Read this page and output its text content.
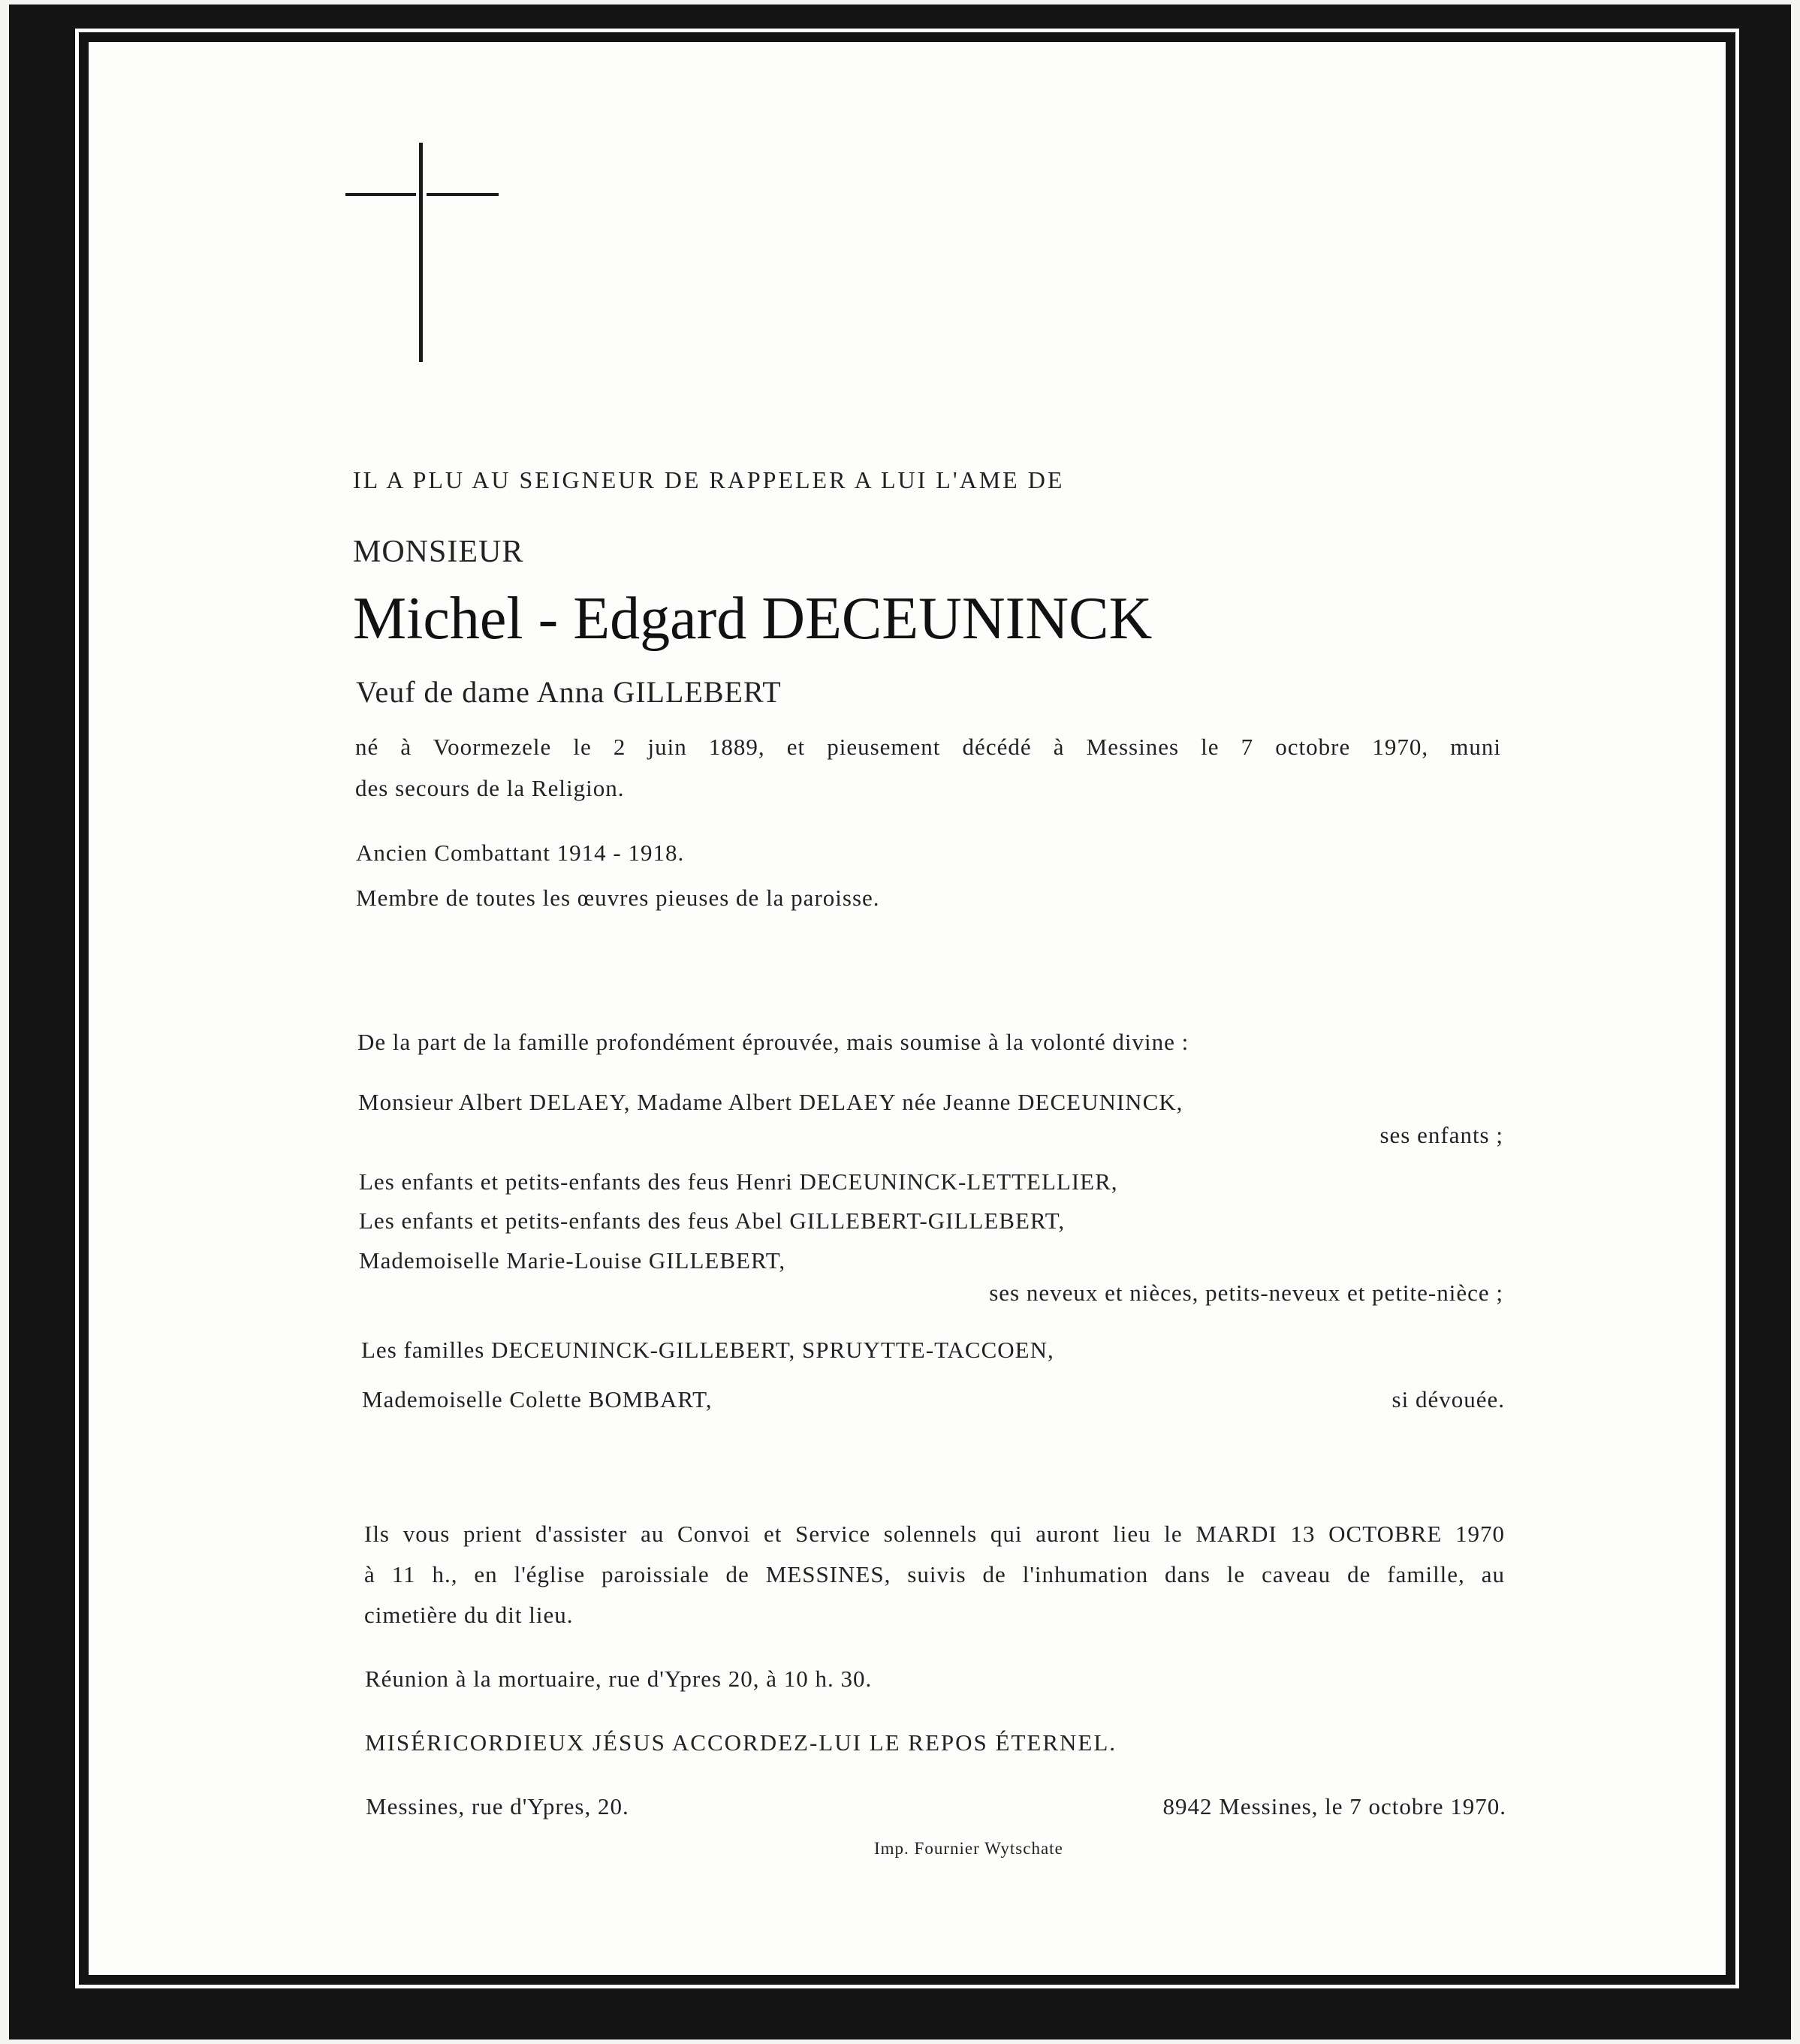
IL A PLU AU SEIGNEUR DE RAPPELER A LUI L'AME DE
MONSIEUR
Michel - Edgard DECEUNINCK
Veuf de dame Anna GILLEBERT
né à Voormezele le 2 juin 1889, et pieusement décédé à Messines le 7 octobre 1970, muni
des secours de la Religion.
Ancien Combattant 1914 - 1918.
Membre de toutes les œuvres pieuses de la paroisse.
De la part de la famille profondément éprouvée, mais soumise à la volonté divine :
Monsieur Albert DELAEY, Madame Albert DELAEY née Jeanne DECEUNINCK,
ses enfants ;
Les enfants et petits-enfants des feus Henri DECEUNINCK-LETTELLIER,
Les enfants et petits-enfants des feus Abel GILLEBERT-GILLEBERT,
Mademoiselle Marie-Louise GILLEBERT,
ses neveux et nièces, petits-neveux et petite-nièce ;
Les familles DECEUNINCK-GILLEBERT, SPRUYTTE-TACCOEN,
Mademoiselle Colette BOMBART,	si dévouée.
Ils vous prient d'assister au Convoi et Service solennels qui auront lieu le MARDI 13 OCTOBRE 1970
à 11 h., en l'église paroissiale de MESSINES, suivis de l'inhumation dans le caveau de famille, au
cimetière du dit lieu.
Réunion à la mortuaire, rue d'Ypres 20, à 10 h. 30.
MISÉRICORDIEUX JÉSUS ACCORDEZ-LUI LE REPOS ÉTERNEL.
Messines, rue d'Ypres, 20.	8942 Messines, le 7 octobre 1970.
Imp. Fournier Wytschate
